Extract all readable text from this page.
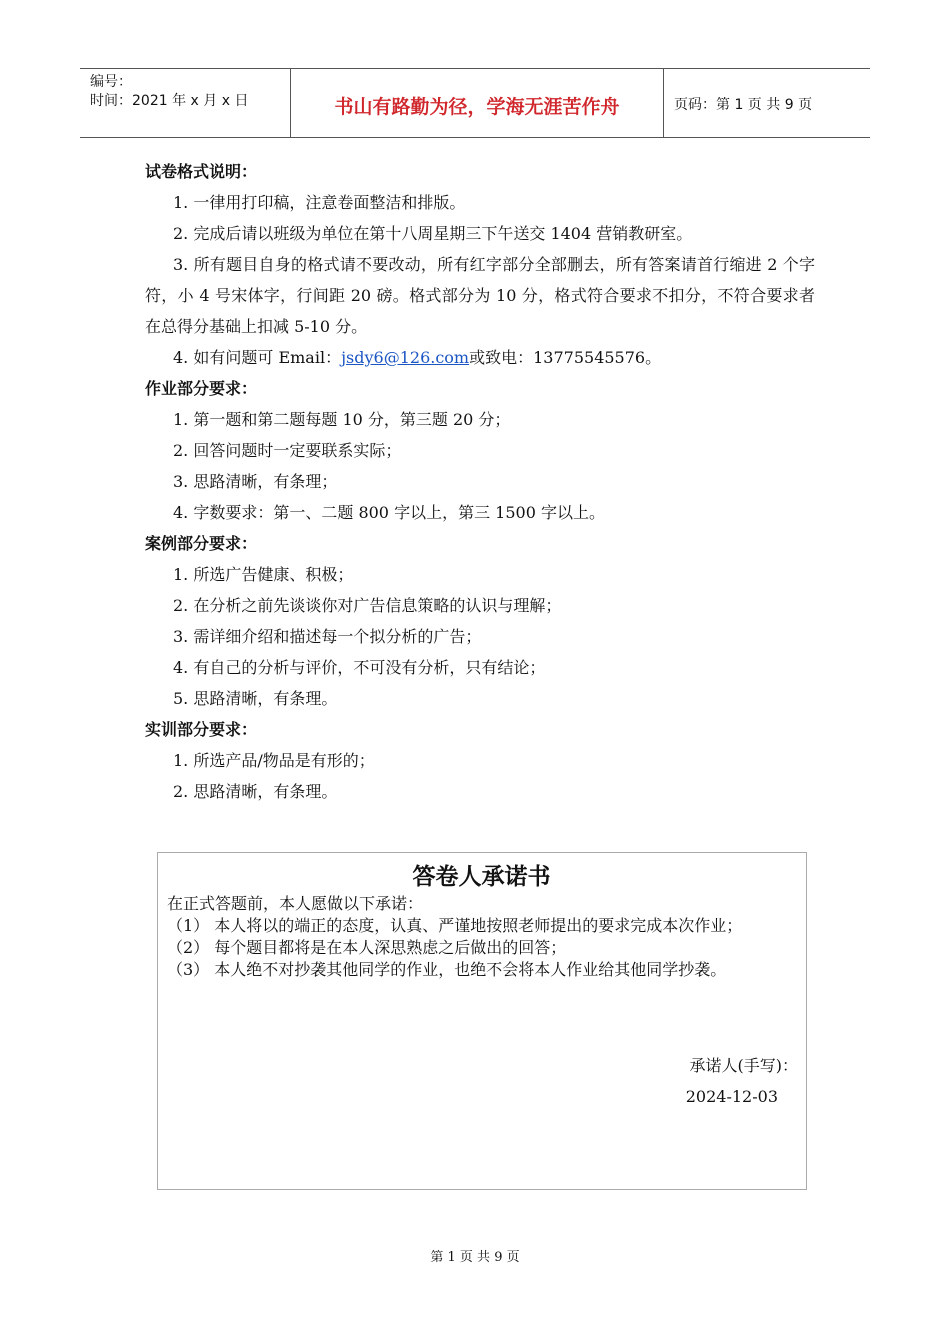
编号：
时间：2021 年 x 月 x 日	书山有路勤为径，学海无涯苦作舟	页码：第 1 页 共 9 页
试卷格式说明：
1. 一律用打印稿，注意卷面整洁和排版。
2. 完成后请以班级为单位在第十八周星期三下午送交 1404 营销教研室。
3. 所有题目自身的格式请不要改动，所有红字部分全部删去，所有答案请首行缩进 2 个字符，小 4 号宋体字，行间距 20 磅。格式部分为 10 分，格式符合要求不扣分，不符合要求者在总得分基础上扣减 5-10 分。
4. 如有问题可 Email：jsdy6@126.com或致电：13775545576。
作业部分要求：
1. 第一题和第二题每题 10 分，第三题 20 分；
2. 回答问题时一定要联系实际；
3. 思路清晰，有条理；
4. 字数要求：第一、二题 800 字以上，第三 1500 字以上。
案例部分要求：
1. 所选广告健康、积极；
2. 在分析之前先谈谈你对广告信息策略的认识与理解；
3. 需详细介绍和描述每一个拟分析的广告；
4. 有自己的分析与评价，不可没有分析，只有结论；
5. 思路清晰，有条理。
实训部分要求：
1. 所选产品/物品是有形的；
2. 思路清晰，有条理。
答卷人承诺书

在正式答题前，本人愿做以下承诺：

（1） 本人将以的端正的态度，认真、严谨地按照老师提出的要求完成本次作业；

（2） 每个题目都将是在本人深思熟虑之后做出的回答；

（3） 本人绝不对抄袭其他同学的作业，也绝不会将本人作业给其他同学抄袭。

承诺人(手写)：
2024-12-03
第 1 页 共 9 页
